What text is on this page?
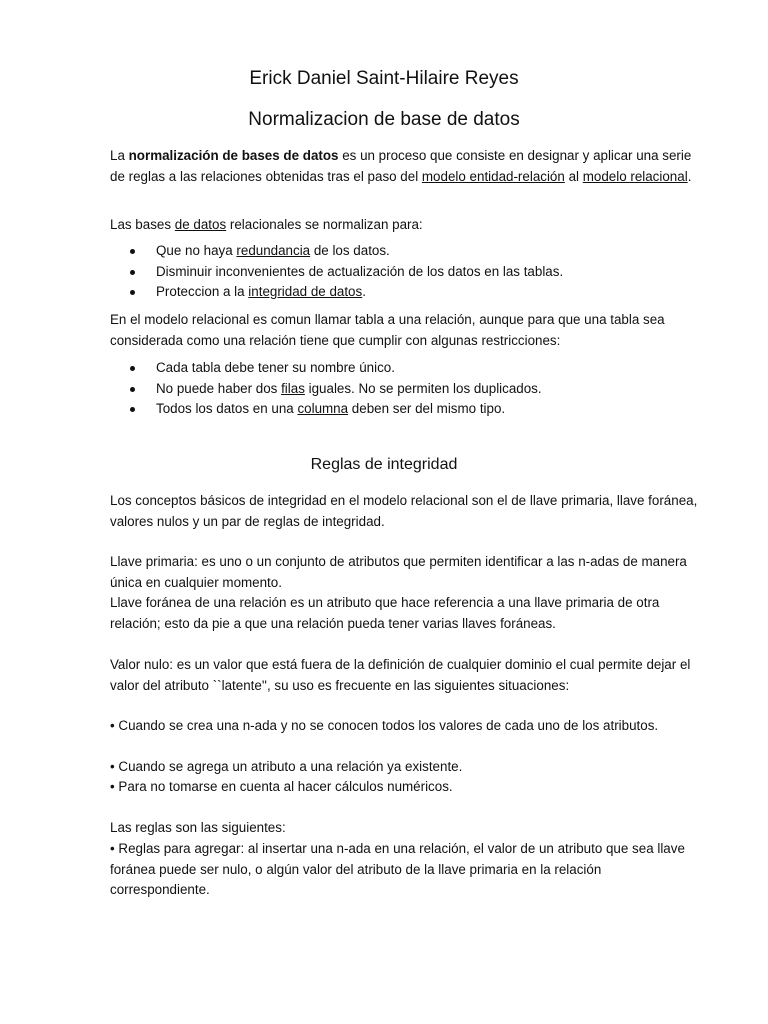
Erick Daniel Saint-Hilaire Reyes
Normalizacion de base de datos

La normalización de bases de datos es un proceso que consiste en designar y aplicar una serie de reglas a las relaciones obtenidas tras el paso del modelo entidad-relación al modelo relacional.

Las bases de datos relacionales se normalizan para:

Que no haya redundancia de los datos.
Disminuir inconvenientes de actualización de los datos en las tablas.
Proteccion a la integridad de datos.

En el modelo relacional es comun llamar tabla a una relación, aunque para que una tabla sea considerada como una relación tiene que cumplir con algunas restricciones:

Cada tabla debe tener su nombre único.
No puede haber dos filas iguales. No se permiten los duplicados.
Todos los datos en una columna deben ser del mismo tipo.
Reglas de integridad

Los conceptos básicos de integridad en el modelo relacional son el de llave primaria, llave foránea, valores nulos y un par de reglas de integridad.

Llave primaria: es uno o un conjunto de atributos que permiten identificar a las n-adas de manera única en cualquier momento.

Llave foránea de una relación es un atributo que hace referencia a una llave primaria de otra relación; esto da pie a que una relación pueda tener varias llaves foráneas.

Valor nulo: es un valor que está fuera de la definición de cualquier dominio el cual permite dejar el valor del atributo ``latente'', su uso es frecuente en las siguientes situaciones:

• Cuando se crea una n-ada y no se conocen todos los valores de cada uno de los atributos.

• Cuando se agrega un atributo a una relación ya existente.

• Para no tomarse en cuenta al hacer cálculos numéricos.

Las reglas son las siguientes:

• Reglas para agregar: al insertar una n-ada en una relación, el valor de un atributo que sea llave foránea puede ser nulo, o algún valor del atributo de la llave primaria en la relación correspondiente.
